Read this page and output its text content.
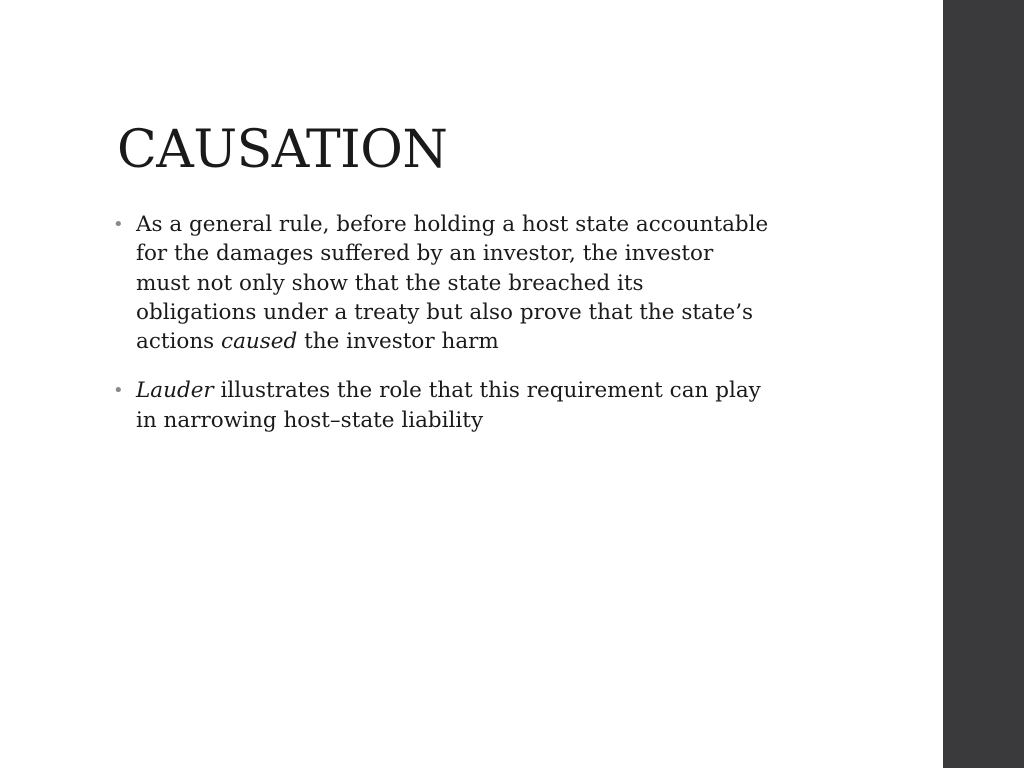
CAUSATION
• As a general rule, before holding a host state accountable
for the damages suffered by an investor, the investor
must not only show that the state breached its
obligations under a treaty but also prove that the state’s
actions caused the investor harm
• Lauder illustrates the role that this requirement can play
in narrowing host–state liability
